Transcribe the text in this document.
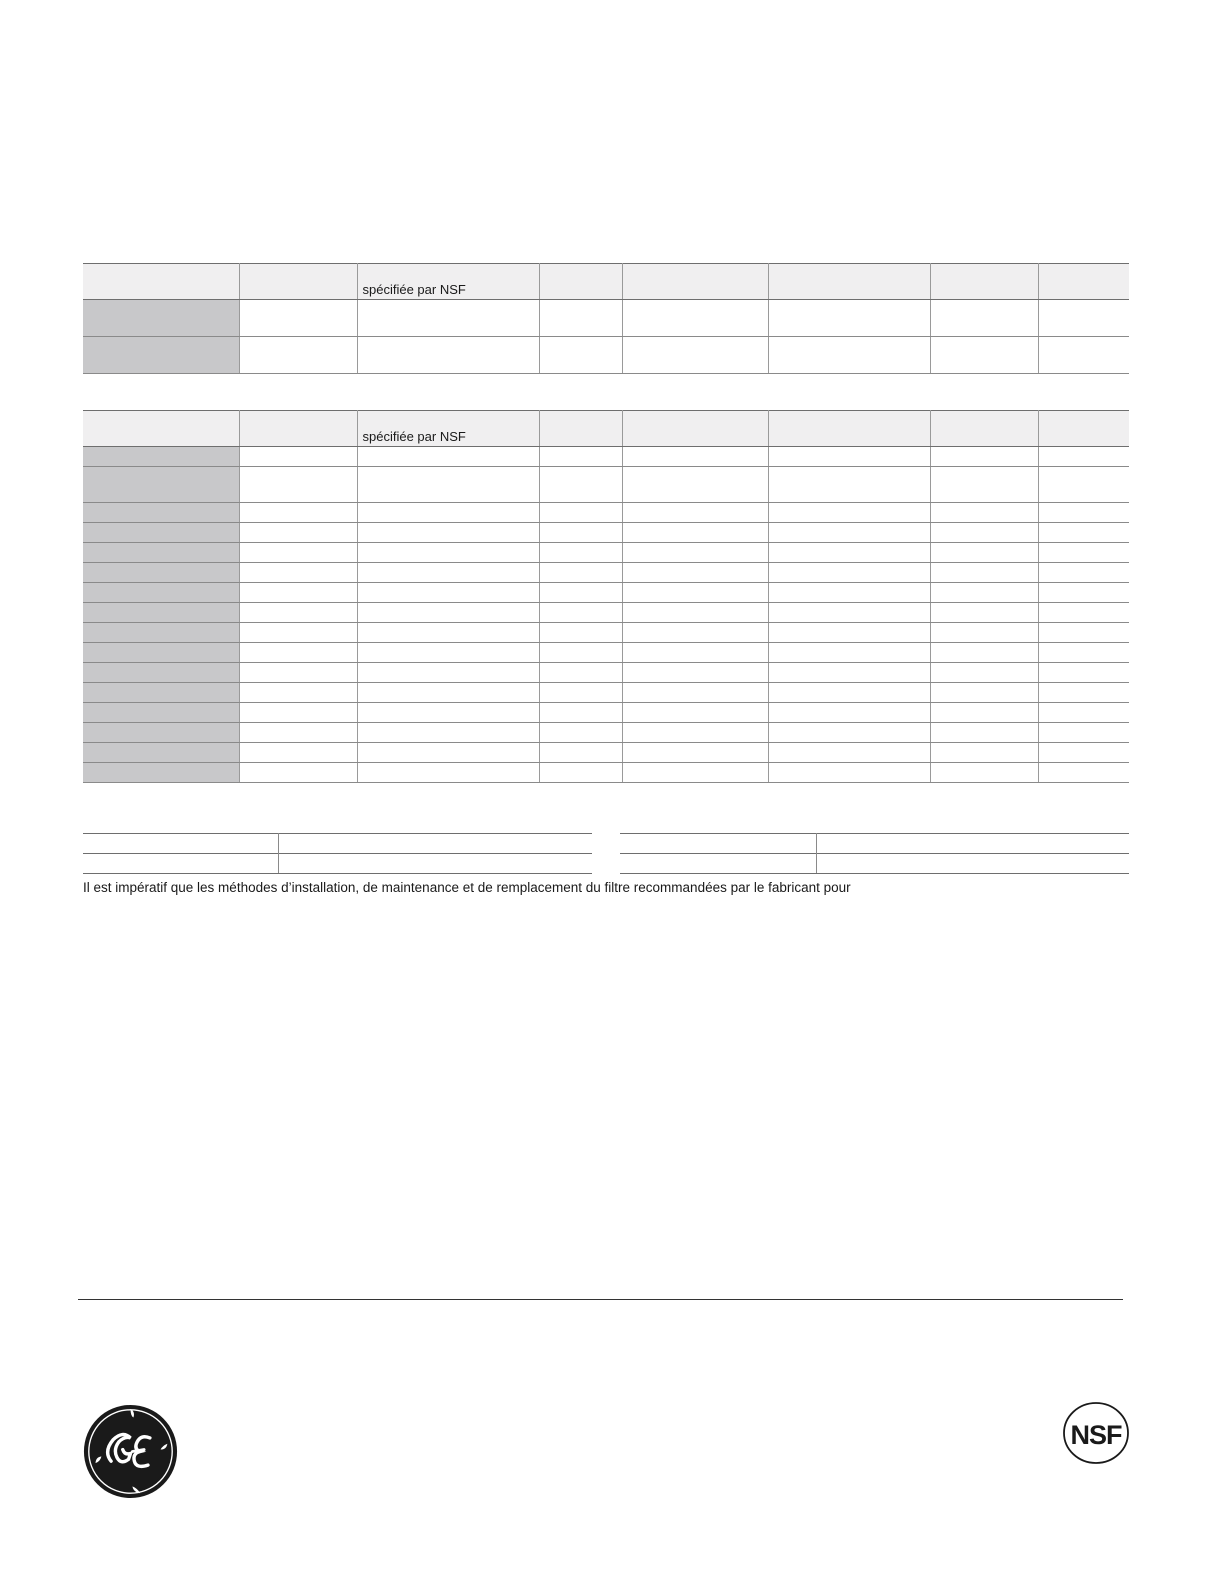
		spécifiée par NSF					

		spécifiée par NSF					

Il est impératif que les méthodes d’installation, de maintenance et de remplacement du filtre recommandées par le fabricant pour
NSF
